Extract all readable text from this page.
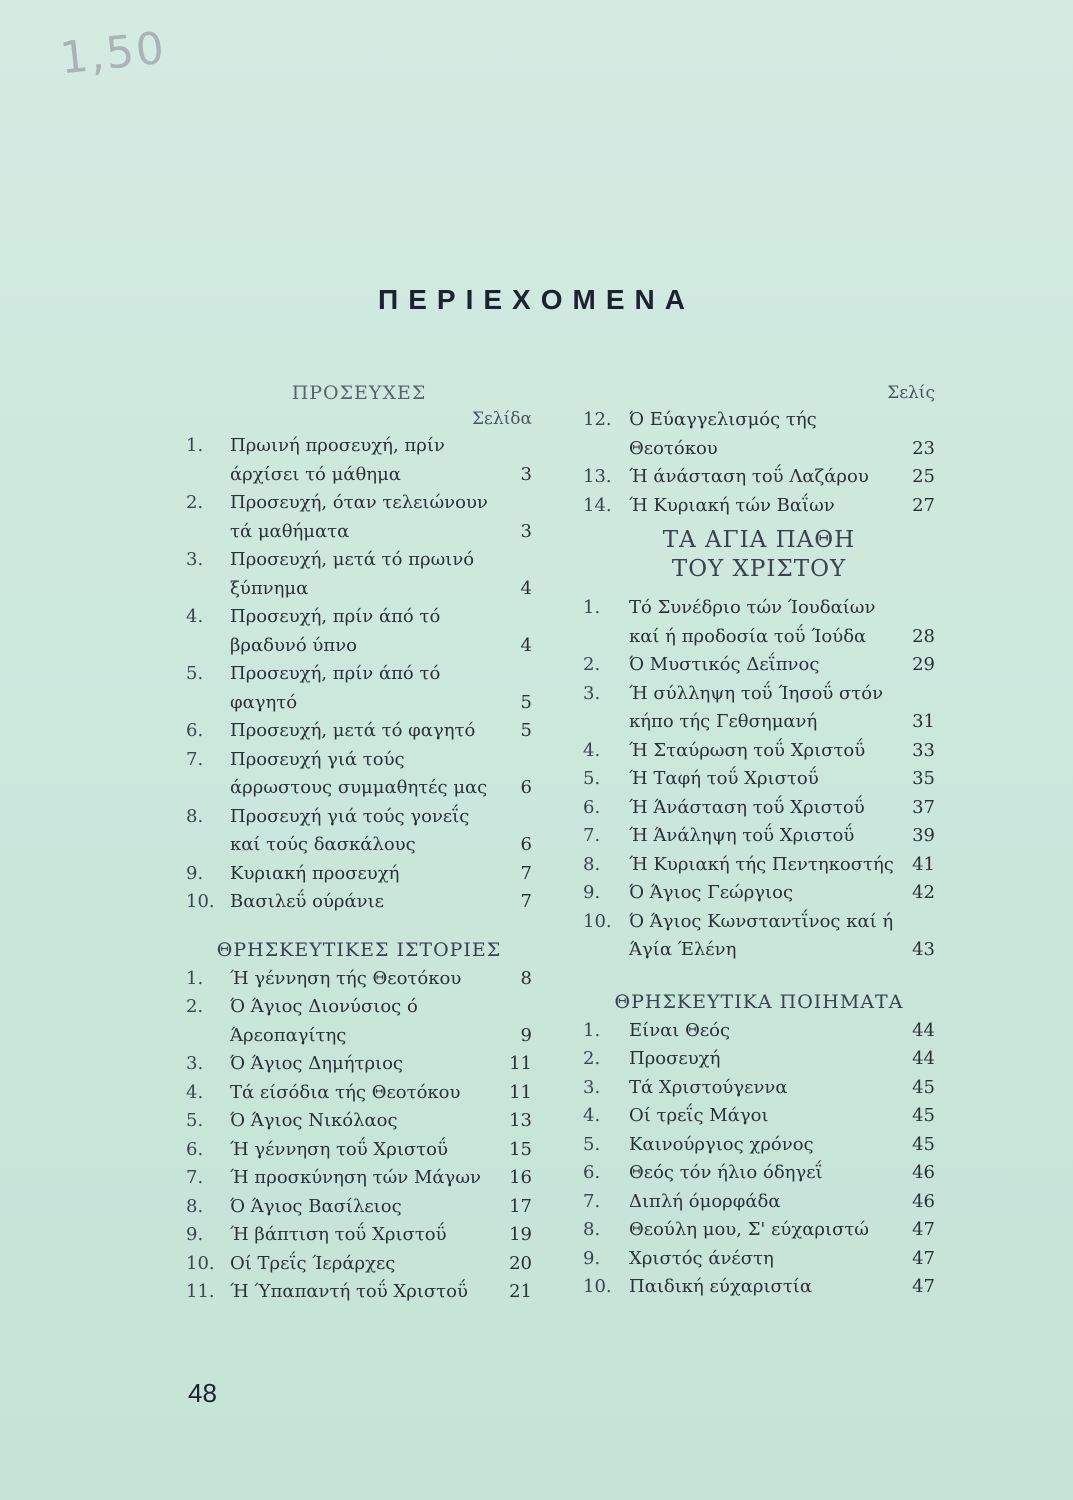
1,50
ΠΕΡΙΕΧΟΜΕΝΑ
ΠΡΟΣΕΥΧΕΣ
Σελίδα
1.	Πρωινή προσευχή, πρίν άρχίσει τό μάθημα	3
2.	Προσευχή, όταν τελειώνουν τά μαθήματα	3
3.	Προσευχή, μετά τό πρωινό ξύπνημα	4
4.	Προσευχή, πρίν άπό τό βραδυνό ύπνο	4
5.	Προσευχή, πρίν άπό τό φαγητό	5
6.	Προσευχή, μετά τό φαγητό	5
7.	Προσευχή γιά τούς άρρωστους συμμαθητές μας	6
8.	Προσευχή γιά τούς γονεΐς καί τούς δασκάλους	6
9.	Κυριακή προσευχή	7
10. Βασιλεΰ ούράνιε	7
ΘΡΗΣΚΕΥΤΙΚΕΣ ΙΣΤΟΡΙΕΣ
1.	Ή γέννηση τής Θεοτόκου	8
2.	Ό Άγιος Διονύσιος ό Άρεοπαγίτης	9
3.	Ό Άγιος Δημήτριος	11
4.	Τά είσόδια τής Θεοτόκου	11
5.	Ό Άγιος Νικόλαος	13
6.	Ή γέννηση τοΰ Χριστοΰ	15
7.	Ή προσκύνηση τών Μάγων	16
8.	Ό Άγιος Βασίλειος	17
9.	Ή βάπτιση τοΰ Χριστοΰ	19
10. Οί Τρεΐς Ίεράρχες	20
11. Ή Ύπαπαντή τοΰ Χριστοΰ	21
Σελίς
12. Ό Εύαγγελισμός τής Θεοτόκου	23
13. Ή άνάσταση τοΰ Λαζάρου	25
14. Ή Κυριακή τών Βαΐων	27
ΤΑ ΑΓΙΑ ΠΑΘΗ
ΤΟΥ ΧΡΙΣΤΟΥ
1.	Τό Συνέδριο τών Ίουδαίων καί ή προδοσία τοΰ Ίούδα	28
2.	Ό Μυστικός Δεΐπνος	29
3.	Ή σύλληψη τοΰ Ίησοΰ στόν κήπο τής Γεθσημανή	31
4.	Ή Σταύρωση τοΰ Χριστοΰ	33
5.	Ή Ταφή τοΰ Χριστοΰ	35
6.	Ή Άνάσταση τοΰ Χριστοΰ	37
7.	Ή Άνάληψη τοΰ Χριστοΰ	39
8.	Ή Κυριακή τής Πεντηκοστής	41
9.	Ό Άγιος Γεώργιος	42
10. Ό Άγιος Κωνσταντΐνος καί ή Άγία Έλένη	43
ΘΡΗΣΚΕΥΤΙΚΑ ΠΟΙΗΜΑΤΑ
1.	Είναι Θεός	44
2.	Προσευχή	44
3.	Τά Χριστούγεννα	45
4.	Οί τρεΐς Μάγοι	45
5.	Καινούργιος χρόνος	45
6.	Θεός τόν ήλιο όδηγεΐ	46
7.	Διπλή όμορφάδα	46
8.	Θεούλη μου, Σ' εύχαριστώ	47
9.	Χριστός άνέστη	47
10. Παιδική εύχαριστία	47
48
